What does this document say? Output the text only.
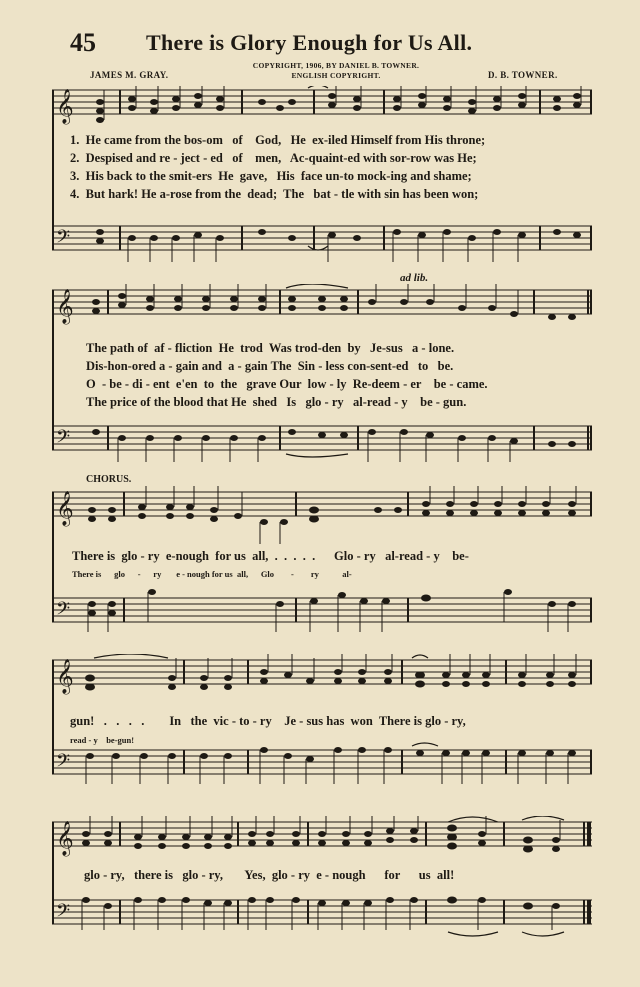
45 There is Glory Enough for Us All.
COPYRIGHT, 1906, BY DANIEL B. TOWNER.
ENGLISH COPYRIGHT.
JAMES M. GRAY.	D. B. TOWNER.
𝄞
𝄢
1.  He came from the bos-om   of    God,   He  ex-iled Himself from His throne;
2.  Despised and re - ject - ed   of    men,   Ac-quaint-ed with sor-row was He;
3.  His back to the smit-ers  He  gave,   His  face un-to mock-ing and shame;
4.  But hark! He a-rose from the  dead;  The   bat - tle with sin has been won;
ad lib.
𝄞
𝄢
The path of  af - fliction  He  trod  Was trod-den  by   Je-sus   a - lone.
Dis-hon-ored a - gain and  a - gain The  Sin - less con-sent-ed   to   be.
O  - be - di - ent  e'en  to  the   grave Our  low - ly  Re-deem - er    be - came.
The price of the blood that He  shed   Is   glo - ry   al-read - y    be - gun.
CHORUS.
𝄞
𝄢
There is  glo - ry  e-nough  for us  all,  .  .  .  .  .      Glo - ry   al-read - y    be-
There is      glo      -      ry       e - nough for us  all,      Glo        -        ry           al-
𝄞
𝄢
gun!   .   .   .   .        In   the  vic - to - ry    Je - sus has  won  There is glo - ry,
read - y    be-gun!
𝄞
𝄢
glo - ry,   there is   glo - ry,       Yes,  glo - ry  e - nough      for      us  all!
